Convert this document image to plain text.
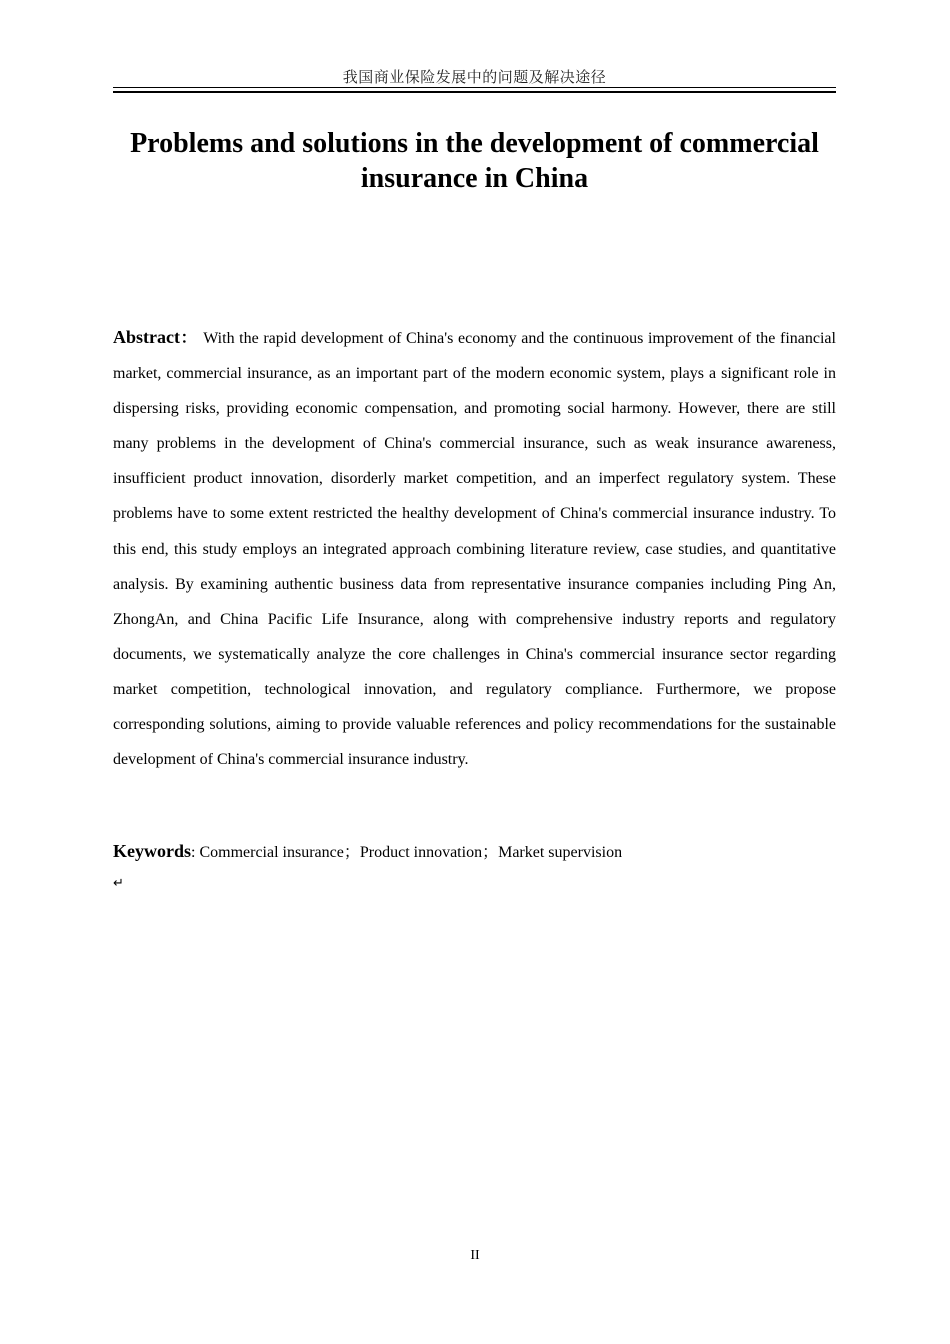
我国商业保险发展中的问题及解决途径
Problems and solutions in the development of commercial insurance in China

Abstract： With the rapid development of China's economy and the continuous improvement of the financial market, commercial insurance, as an important part of the modern economic system, plays a significant role in dispersing risks, providing economic compensation, and promoting social harmony. However, there are still many problems in the development of China's commercial insurance, such as weak insurance awareness, insufficient product innovation, disorderly market competition, and an imperfect regulatory system. These problems have to some extent restricted the healthy development of China's commercial insurance industry. To this end, this study employs an integrated approach combining literature review, case studies, and quantitative analysis. By examining authentic business data from representative insurance companies including Ping An, ZhongAn, and China Pacific Life Insurance, along with comprehensive industry reports and regulatory documents, we systematically analyze the core challenges in China's commercial insurance sector regarding market competition, technological innovation, and regulatory compliance. Furthermore, we propose corresponding solutions, aiming to provide valuable references and policy recommendations for the sustainable development of China's commercial insurance industry.

Keywords: Commercial insurance；Product innovation；Market supervision

↵
II
